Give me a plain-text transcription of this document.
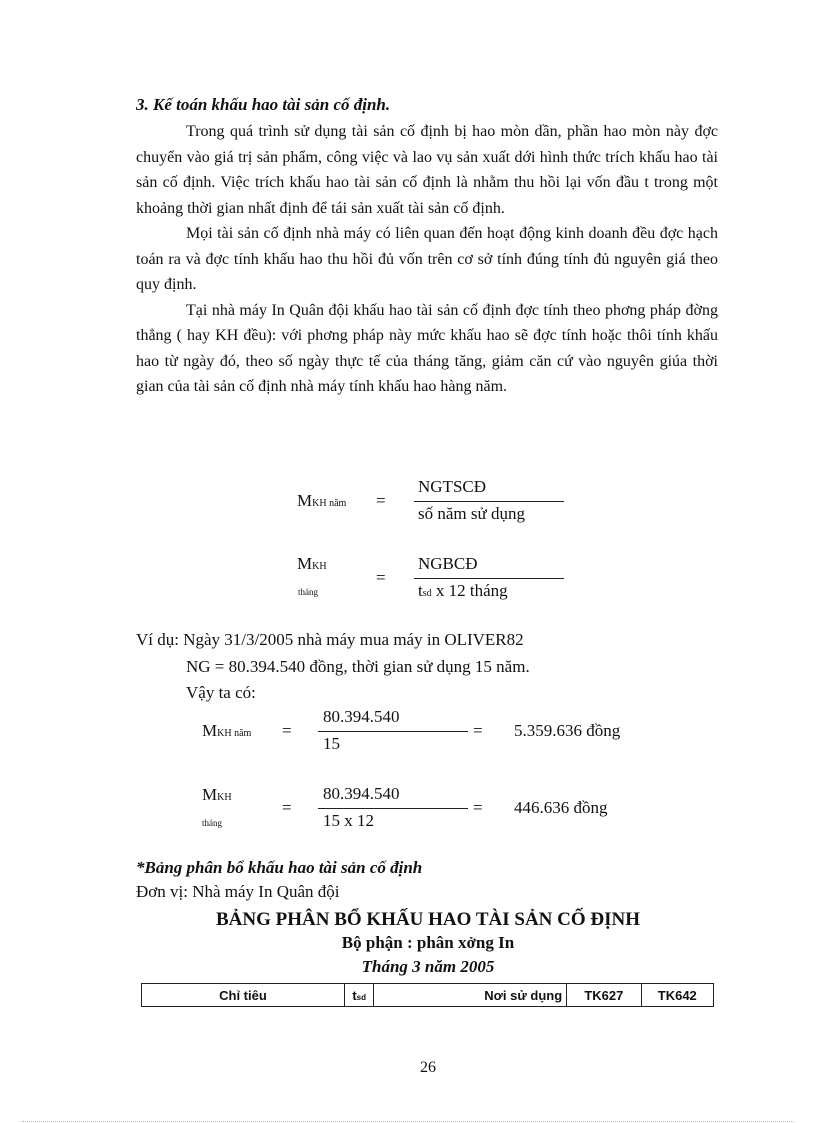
3. Kế toán khấu hao tài sản cố định.

Trong quá trình sử dụng tài sản cố định bị hao mòn dần, phần hao mòn này đợc chuyển vào giá trị sản phẩm, công việc và lao vụ sản xuất dới hình thức trích khấu hao tài sản cố định. Việc trích khấu hao tài sản cố định là nhằm thu hồi lại vốn đầu t trong một khoảng thời gian nhất định để tái sản xuất tài sản cố định.

Mọi tài sản cố định nhà máy có liên quan đến hoạt động kinh doanh đều đợc hạch toán ra và đợc tính khấu hao thu hồi đủ vốn trên cơ sở tính đúng tính đủ nguyên giá theo quy định.

Tại nhà máy In Quân đội khấu hao tài sản cố định đợc tính theo phơng pháp đờng thẳng ( hay KH đều): với phơng pháp này mức khấu hao sẽ đợc tính hoặc thôi tính khấu hao từ ngày đó, theo số ngày thực tế của tháng tăng, giảm căn cứ vào nguyên giúa thời gian của tài sản cố định nhà máy tính khấu hao hàng năm.

MKH năm =
NGTSCĐ
số năm sử dụng
MKH
tháng
=
NGBCĐ
tsd x 12 tháng
Ví dụ: Ngày 31/3/2005 nhà máy mua máy in OLIVER82
NG = 80.394.540 đồng, thời gian sử dụng 15 năm.
Vậy ta có:
MKH năm =
80.394.540
15
= 5.359.636 đồng
MKH
tháng
=
80.394.540
15 x 12
= 446.636 đồng
*Bảng phân bổ khấu hao tài sản cố định
Đơn vị: Nhà máy In Quân đội
BẢNG PHÂN BỔ KHẤU HAO TÀI SẢN CỐ ĐỊNH
Bộ phận : phân xởng In
Tháng 3 năm 2005
Chỉ tiêu	tsd	Nơi sử dụng	TK627	TK642
26
